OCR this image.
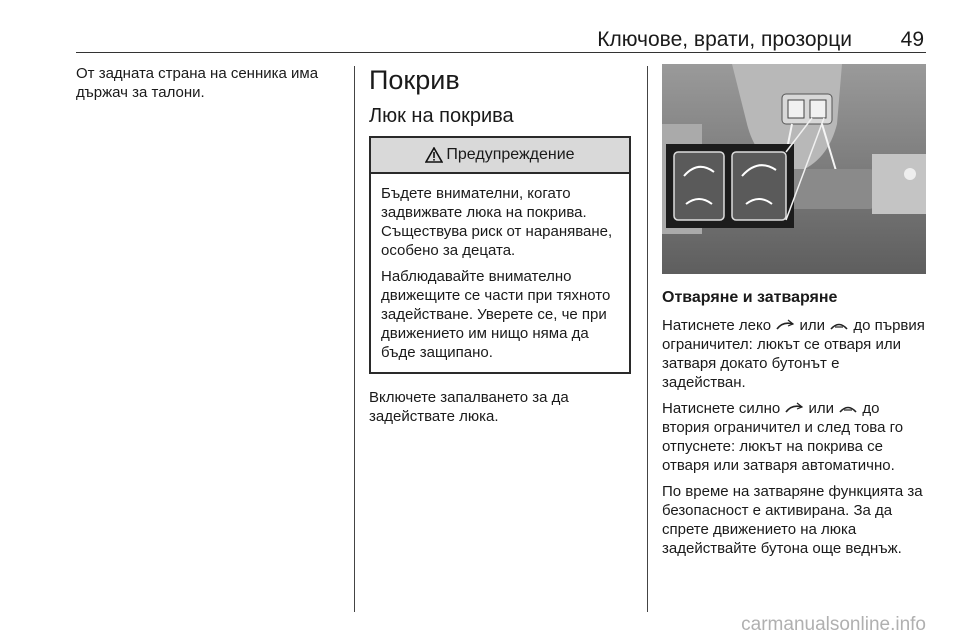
Ключове, врати, прозорци 49

От задната страна на сенника има държач за талони.	Покрив
Люк на покрива
Предупреждение

Бъдете внимателни, когато задвижвате люка на покрива. Съществува риск от нараняване, особено за децата.

Наблюдавайте внимателно движещите се части при тяхното задействане. Уверете се, че при движението им нищо няма да бъде защипано.

Включете запалването за да задействате люка.

Отваряне и затваряне

Натиснете леко или до първия ограничител: люкът се отваря или затваря докато бутонът е задействан.

Натиснете силно или до втория ограничител и след това го отпуснете: люкът на покрива се отваря или затваря автоматично.

По време на затваряне функцията за безопасност е активирана. За да спрете движението на люка задействайте бутона още веднъж.

carmanualsonline.info
